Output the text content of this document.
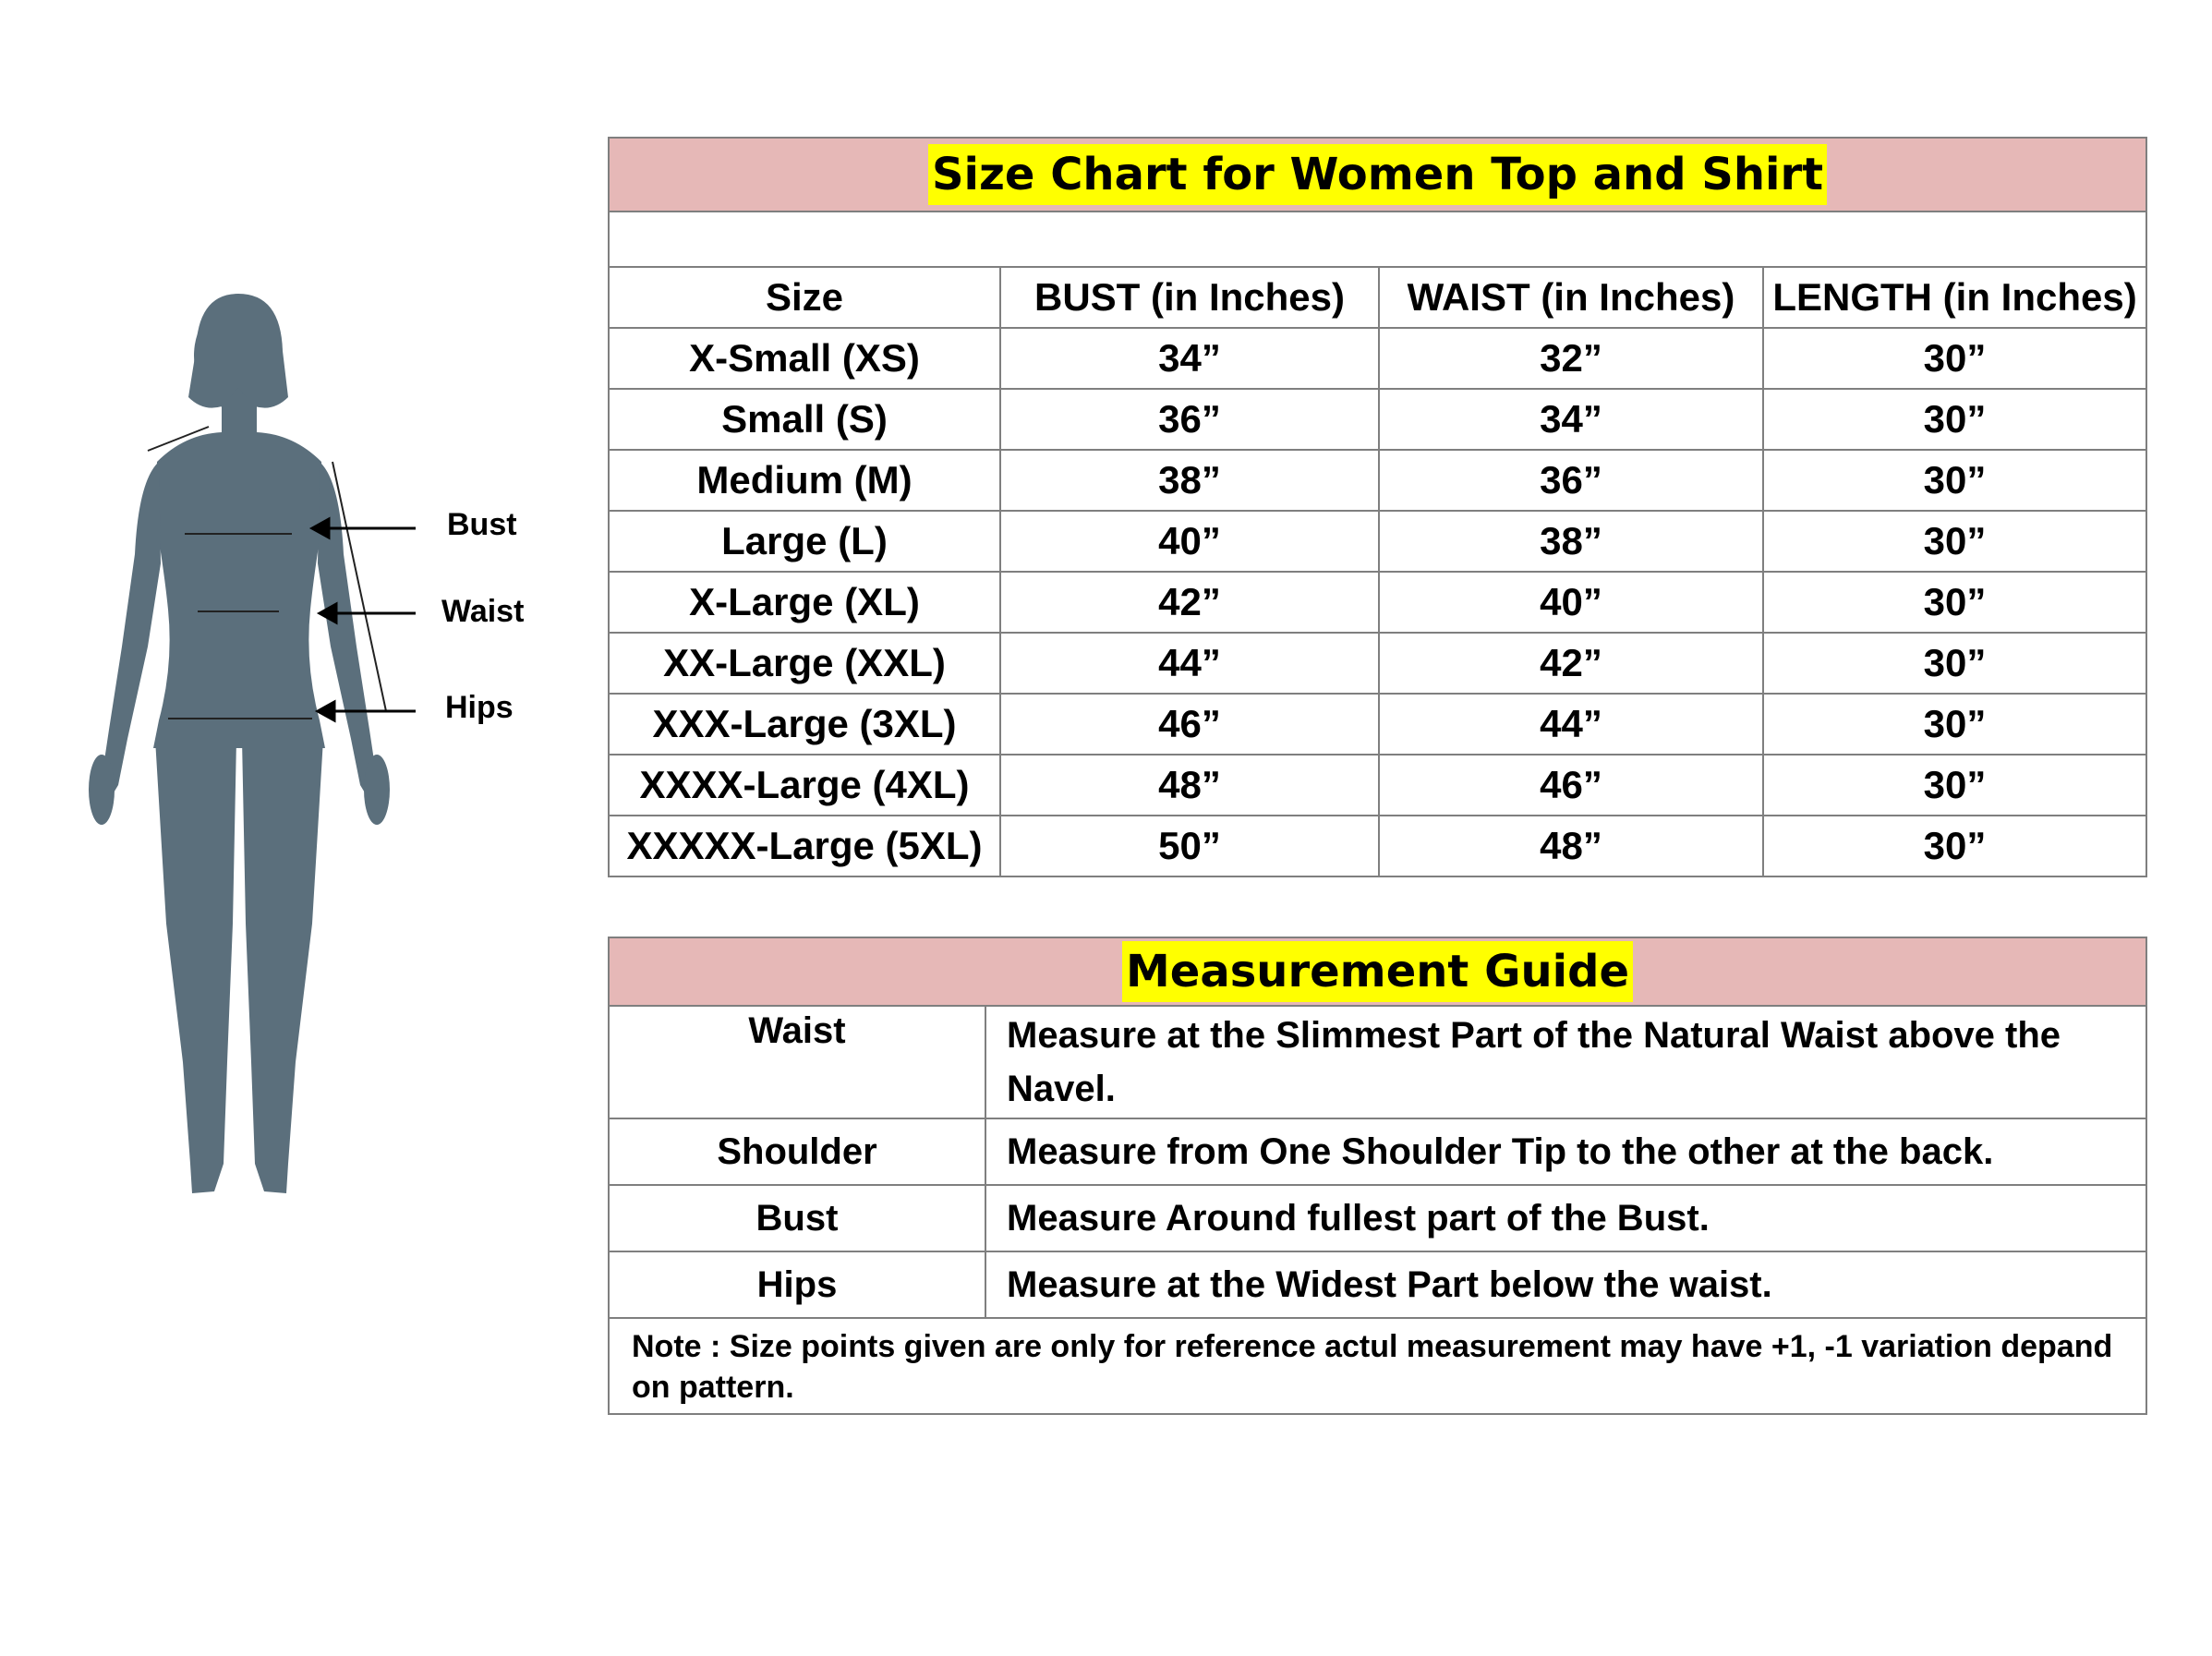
Bust
Waist
Hips
Size Chart for Women Top and Shirt			

Size	BUST (in Inches)	WAIST (in Inches)	LENGTH (in Inches)
X-Small (XS)	34”	32”	30”
Small (S)	36”	34”	30”
Medium (M)	38”	36”	30”
Large (L)	40”	38”	30”
X-Large (XL)	42”	40”	30”
XX-Large (XXL)	44”	42”	30”
XXX-Large (3XL)	46”	44”	30”
XXXX-Large (4XL)	48”	46”	30”
XXXXX-Large (5XL)	50”	48”	30”
Measurement Guide	
Waist	Measure at the Slimmest Part of the Natural Waist above the Navel.
Shoulder	Measure from One Shoulder Tip to the other at the back.
Bust	Measure Around fullest part of the Bust.
Hips	Measure at the Widest Part below the waist.
Note : Size points given are only for reference actul measurement may have +1, -1 variation depand on pattern.	
